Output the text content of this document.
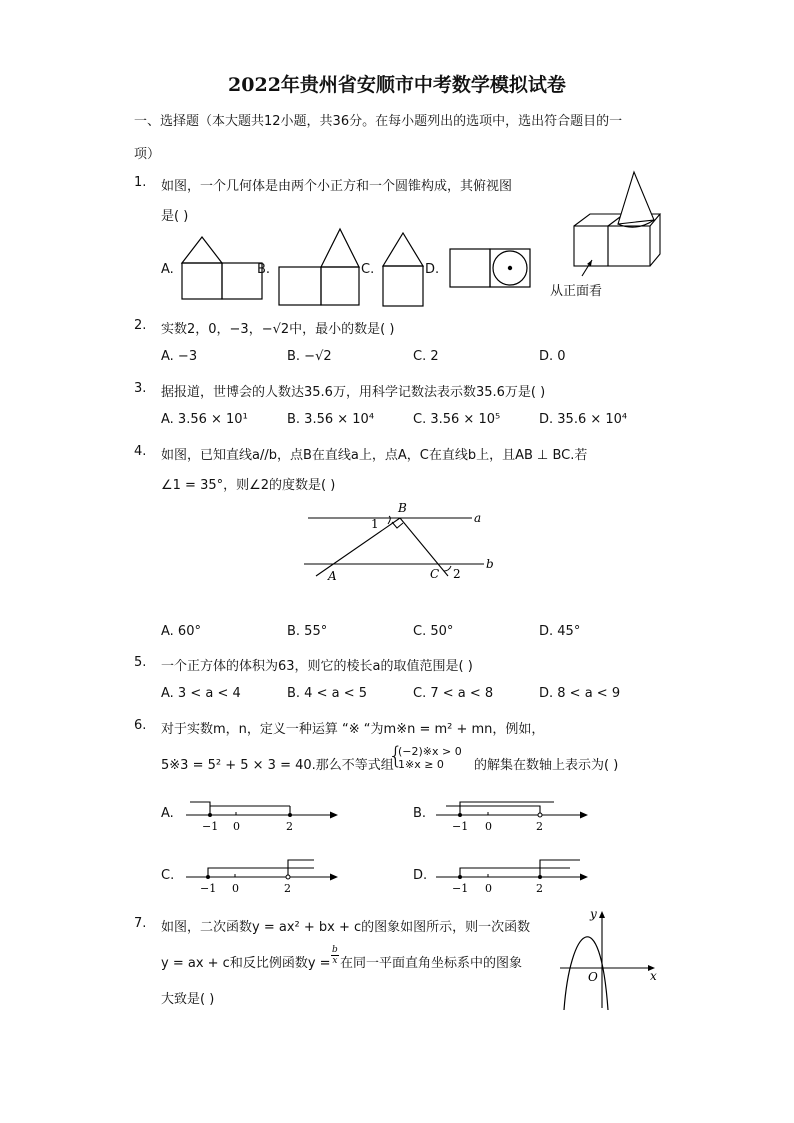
2022年贵州省安顺市中考数学模拟试卷
一、选择题（本大题共12小题，共36分。在每小题列出的选项中，选出符合题目的一
项）
1. 如图，一个几何体是由两个小正方和一个圆锥构成，其俯视图
是( )
A.	B.	C.	D.
从正面看
2. 实数2，0，−3，−√2中，最小的数是( )
A. −3	B. −√2	C. 2	D. 0
3. 据报道，世博会的人数达35.6万，用科学记数法表示数35.6万是( )
A. 3.56 × 10¹	B. 3.56 × 10⁴	C. 3.56 × 10⁵	D. 35.6 × 10⁴
4. 如图，已知直线a//b，点B在直线a上，点A，C在直线b上，且AB ⊥ BC.若
∠1 = 35°，则∠2的度数是( )
B
a
1
A	C 2
b
A. 60°	B. 55°	C. 50°	D. 45°
5. 一个正方体的体积为63，则它的棱长a的取值范围是( )
A. 3 < a < 4	B. 4 < a < 5	C. 7 < a < 8	D. 8 < a < 9
6. 对于实数m，n，定义一种运算 “※ “为m※n = m² + mn，例如，
5※3 = 5² + 5 × 3 = 40.那么不等式组
{
(−2)※x > 0
1※x ≥ 0	的解集在数轴上表示为( )
A.
−1 0	2
B.
−1 0	2
C.
−1 0	2
D.
−1 0	2
7. 如图，二次函数y = ax² + bx + c的图象如图所示，则一次函数
y = ax + c和反比例函数$y = \frac{b}{x}$ 在同一平面直角坐标系中的图象
大致是( )
y
x
O
